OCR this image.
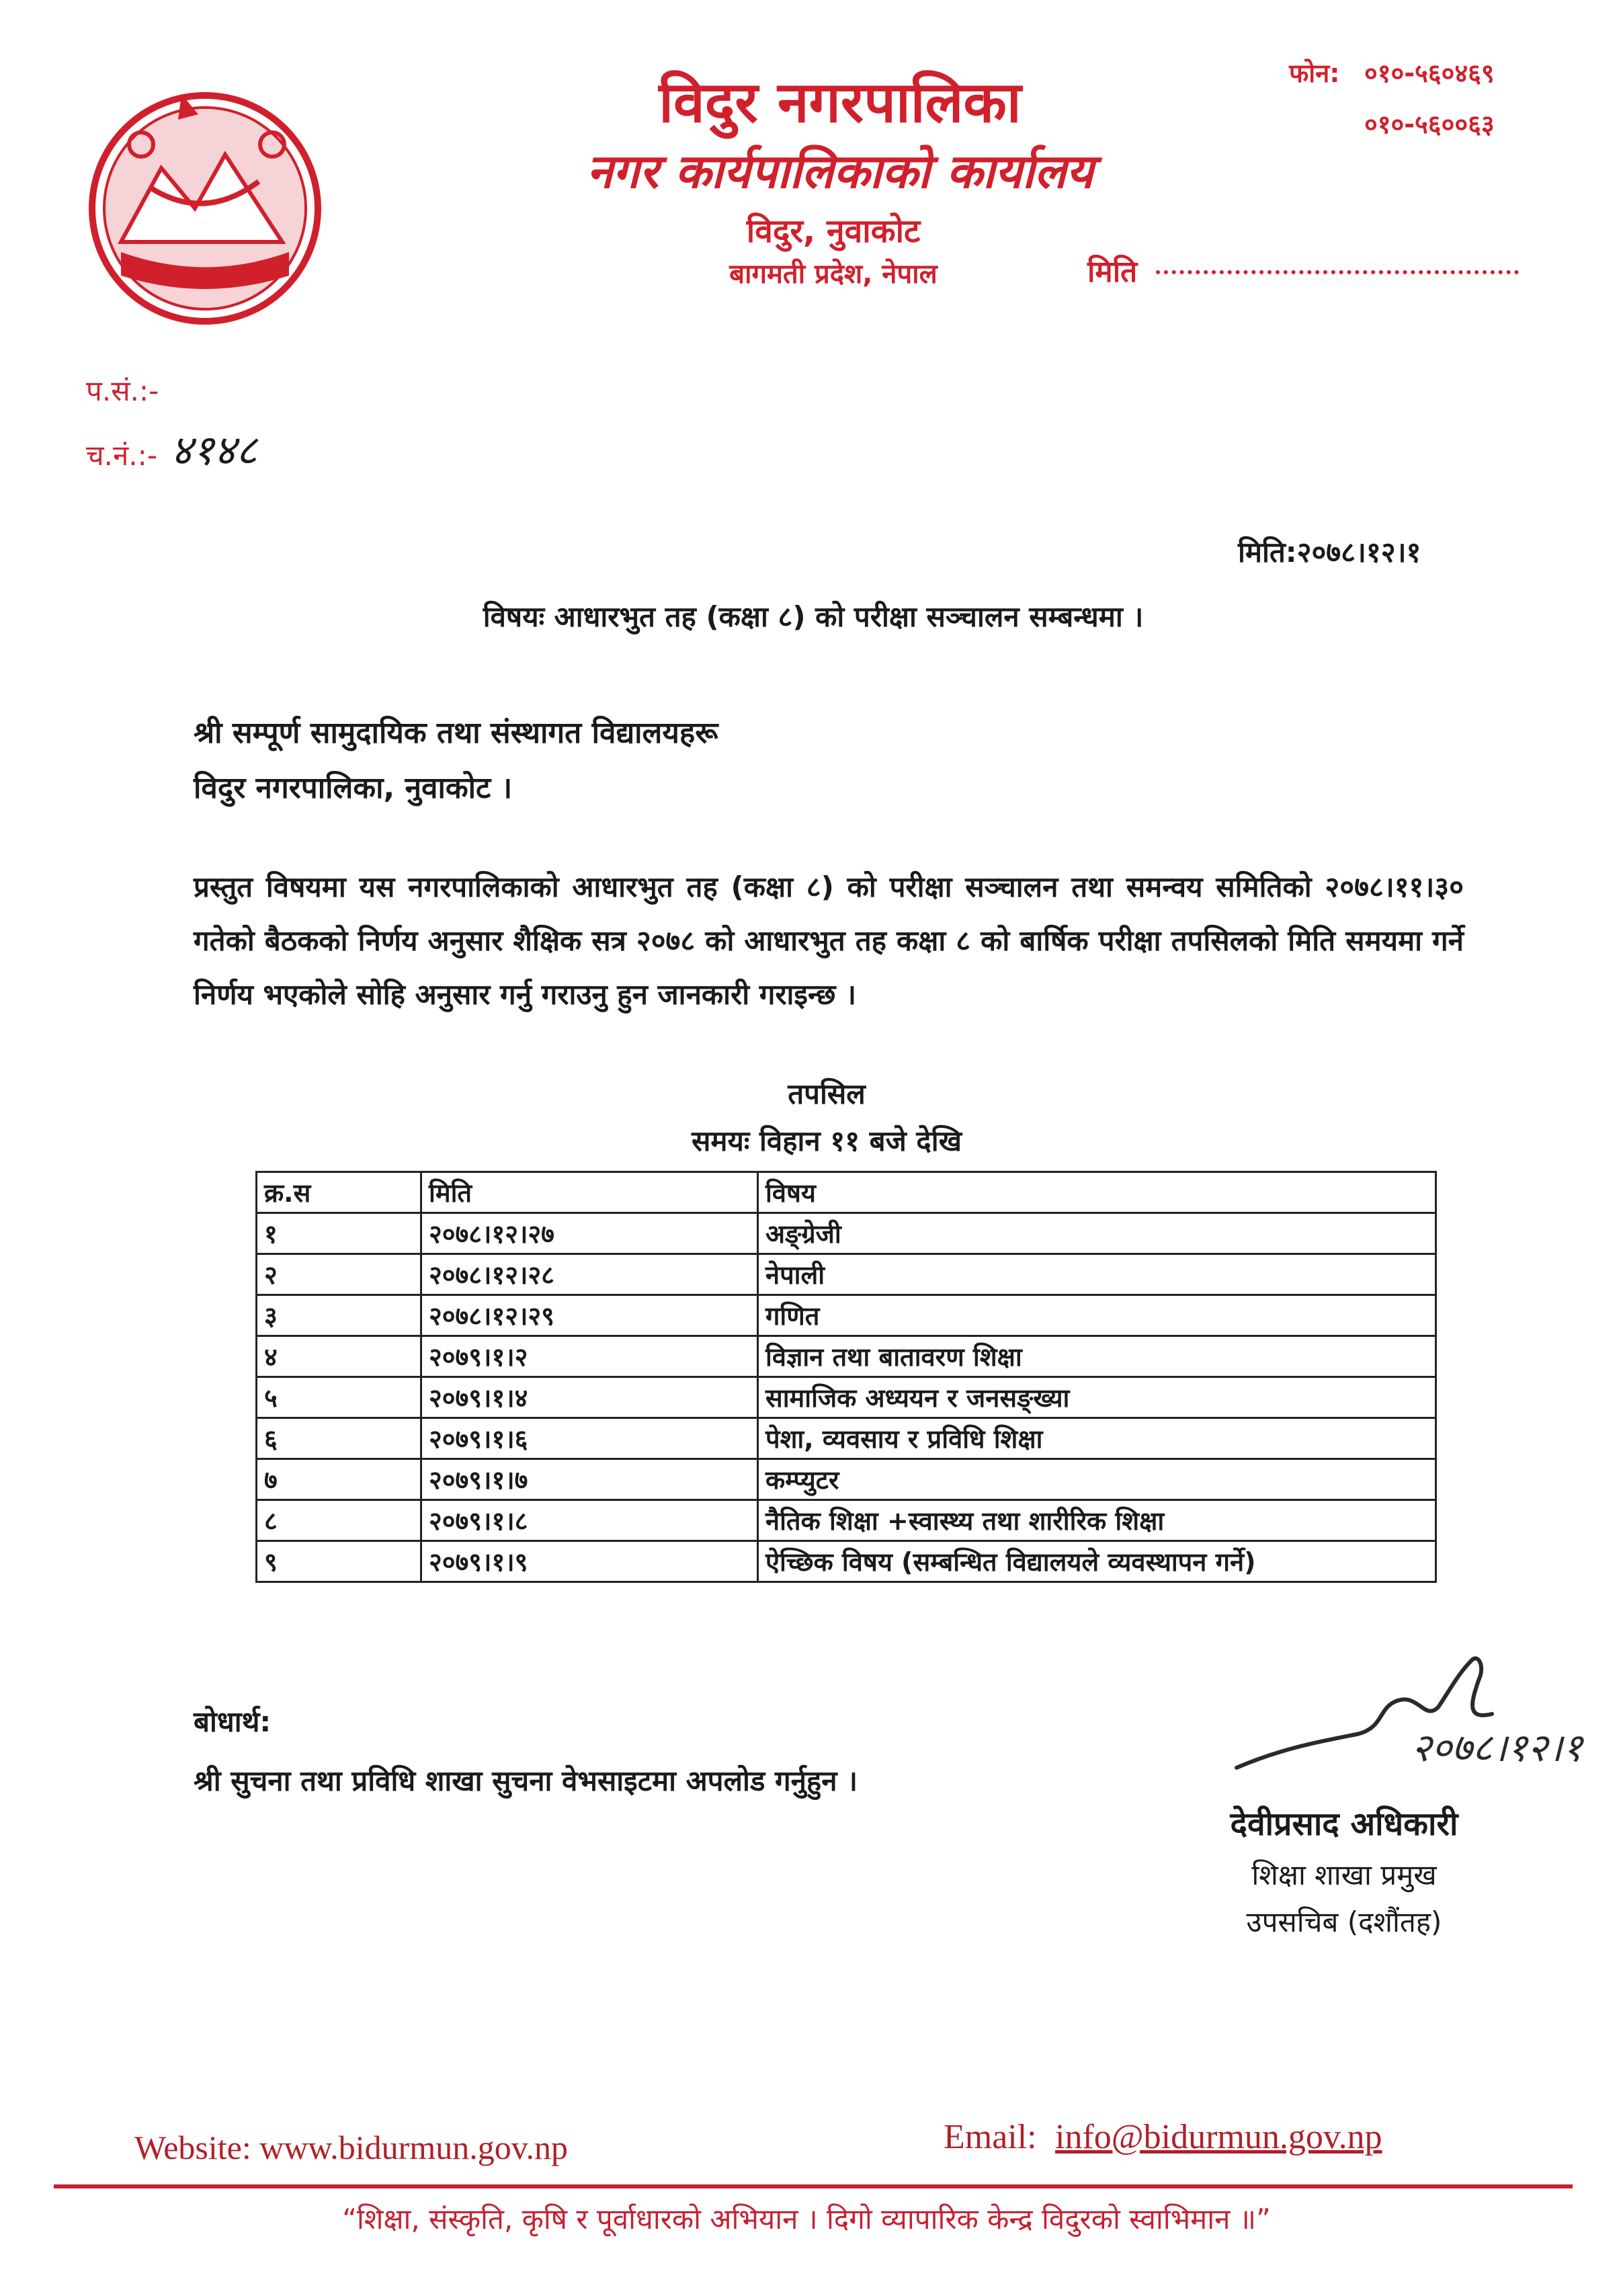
विदुर नगरपालिका
नगर कार्यपालिकाको कार्यालय
विदुर, नुवाकोट
बागमती प्रदेश, नेपाल
फोन: ०१०-५६०४६९
०१०-५६००६३
मिति
प.सं.:-
च.नं.:- ४१४८
मिति:२०७८।१२।१
विषयः आधारभुत तह (कक्षा ८) को परीक्षा सञ्चालन सम्बन्धमा ।
श्री सम्पूर्ण सामुदायिक तथा संस्थागत विद्यालयहरू
विदुर नगरपालिका, नुवाकोट ।
प्रस्तुत विषयमा यस नगरपालिकाको आधारभुत तह (कक्षा ८) को परीक्षा सञ्चालन तथा समन्वय समितिको २०७८।११।३० गतेको बैठकको निर्णय अनुसार शैक्षिक सत्र २०७८ को आधारभुत तह कक्षा ८ को बार्षिक परीक्षा तपसिलको मिति समयमा गर्ने निर्णय भएकोले सोहि अनुसार गर्नु गराउनु हुन जानकारी गराइन्छ ।
तपसिल
समयः विहान ११ बजे देखि
क्र.स	मिति	विषय
१	२०७८।१२।२७	अङ्ग्रेजी
२	२०७८।१२।२८	नेपाली
३	२०७८।१२।२९	गणित
४	२०७९।१।२	विज्ञान तथा बातावरण शिक्षा
५	२०७९।१।४	सामाजिक अध्ययन र जनसङ्ख्या
६	२०७९।१।६	पेशा, व्यवसाय र प्रविधि शिक्षा
७	२०७९।१।७	कम्प्युटर
८	२०७९।१।८	नैतिक शिक्षा +स्वास्थ्य तथा शारीरिक शिक्षा
९	२०७९।१।९	ऐच्छिक विषय (सम्बन्धित विद्यालयले व्यवस्थापन गर्ने)
बोधार्थ:
श्री सुचना तथा प्रविधि शाखा सुचना वेभसाइटमा अपलोड गर्नुहुन ।
२०७८।१२।१
देवीप्रसाद अधिकारी
शिक्षा शाखा प्रमुख
उपसचिब (दशौंतह)
Website: www.bidurmun.gov.np	Email: info@bidurmun.gov.np
“शिक्षा, संस्कृति, कृषि र पूर्वाधारको अभियान । दिगो व्यापारिक केन्द्र विदुरको स्वाभिमान ॥”
